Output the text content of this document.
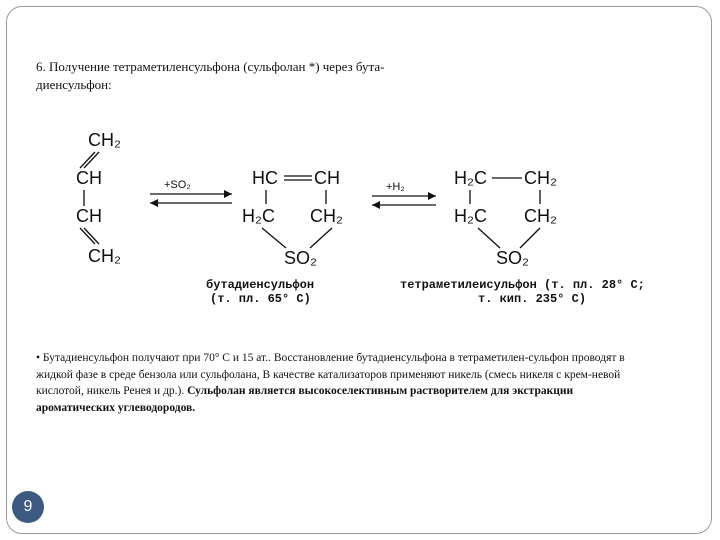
6. Получение тетраметиленсульфона (сульфолан *) через бута-
диенсульфон:

CH₂
CH
CH
CH₂
+SO₂	HC CH
H₂C CH₂
SO₂
+H₂	H₂C CH₂
H₂C CH₂
SO₂
бутадиенсульфон
(т. пл. 65° С)
тетраметилеисульфон (т. пл. 28° С;
т. кип. 235° С)

• Бутадиенсульфон получают при 70° С и 15 ат.. Восстановление бутадиенсульфона в тетраметилен-сульфон проводят в жидкой фазе в среде бензола или сульфолана, В качестве катализаторов применяют никель (смесь никеля с крем-невой кислотой, никель Ренея и др.). Сульфолан является высокоселективным растворителем для экстракции ароматических углеводородов.

9
